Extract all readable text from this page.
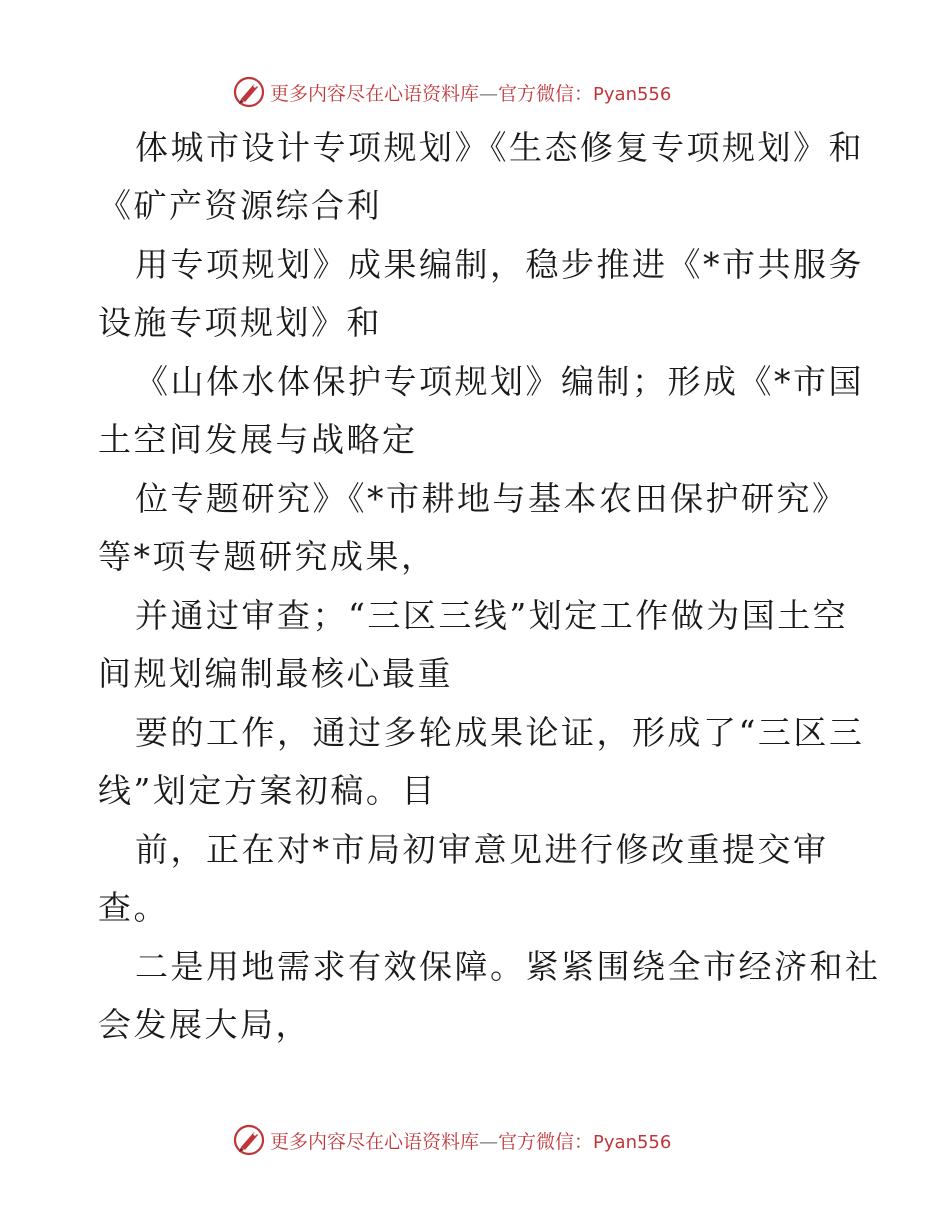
更多内容尽在心语资料库—官方微信：Pyan556
体城市设计专项规划》《生态修复专项规划》和
《矿产资源综合利
用专项规划》成果编制，稳步推进《*市共服务
设施专项规划》和
《山体水体保护专项规划》编制；形成《*市国
土空间发展与战略定
位专题研究》《*市耕地与基本农田保护研究》
等*项专题研究成果，
并通过审查；“三区三线”划定工作做为国土空
间规划编制最核心最重
要的工作，通过多轮成果论证，形成了“三区三
线”划定方案初稿。目
前，正在对*市局初审意见进行修改重提交审
查。
二是用地需求有效保障。紧紧围绕全市经济和社
会发展大局，
更多内容尽在心语资料库—官方微信：Pyan556
